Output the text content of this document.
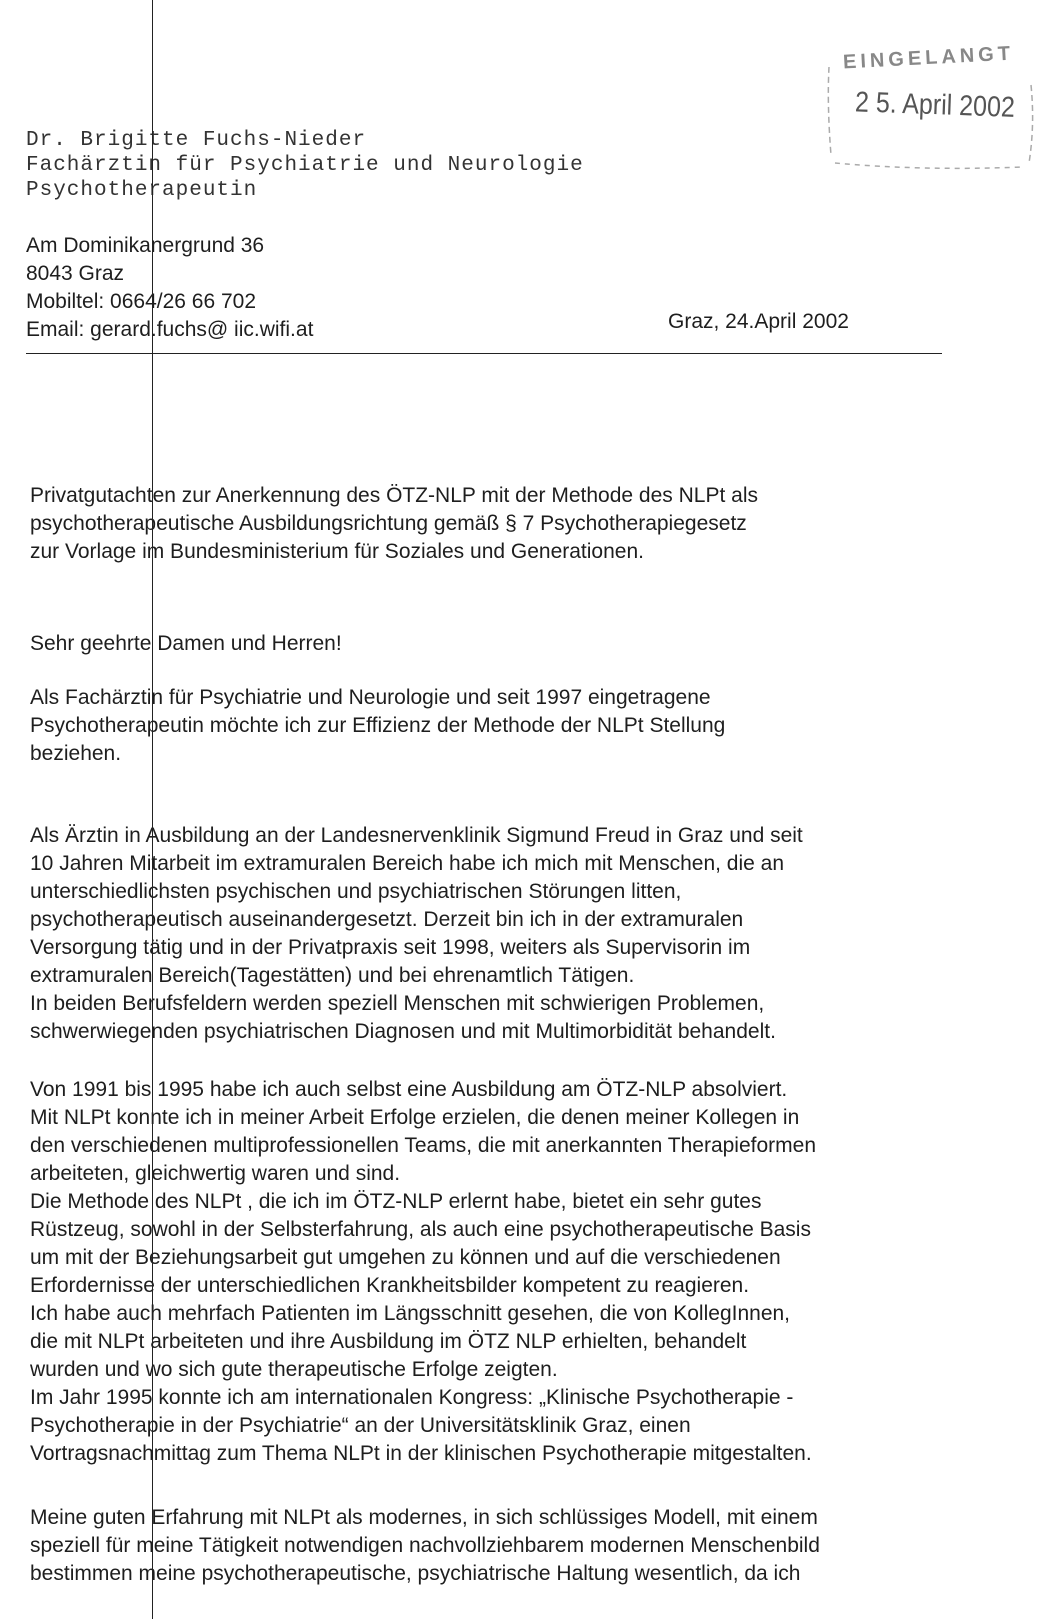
EINGELANGT
2 5. April 2002
Dr. Brigitte Fuchs-Nieder
Fachärztin für Psychiatrie und Neurologie
Psychotherapeutin
Am Dominikanergrund 36
8043 Graz
Mobiltel: 0664/26 66 702
Email: gerard.fuchs@ iic.wifi.at	Graz, 24.April 2002
Privatgutachten zur Anerkennung des ÖTZ-NLP mit der Methode des NLPt als
psychotherapeutische Ausbildungsrichtung gemäß § 7 Psychotherapiegesetz
zur Vorlage im Bundesministerium für Soziales und Generationen.
Sehr geehrte Damen und Herren!
Als Fachärztin für Psychiatrie und Neurologie und seit 1997 eingetragene
Psychotherapeutin möchte ich zur Effizienz der Methode der NLPt Stellung
beziehen.
Als Ärztin in Ausbildung an der Landesnervenklinik Sigmund Freud in Graz und seit
10 Jahren Mitarbeit im extramuralen Bereich habe ich mich mit Menschen, die an
unterschiedlichsten psychischen und psychiatrischen Störungen litten,
psychotherapeutisch auseinandergesetzt. Derzeit bin ich in der extramuralen
Versorgung tätig und in der Privatpraxis seit 1998, weiters als Supervisorin im
extramuralen Bereich(Tagestätten) und bei ehrenamtlich Tätigen.
In beiden Berufsfeldern werden speziell Menschen mit schwierigen Problemen,
schwerwiegenden psychiatrischen Diagnosen und mit Multimorbidität behandelt.
Von 1991 bis 1995 habe ich auch selbst eine Ausbildung am ÖTZ-NLP absolviert.
Mit NLPt konnte ich in meiner Arbeit Erfolge erzielen, die denen meiner Kollegen in
den verschiedenen multiprofessionellen Teams, die mit anerkannten Therapieformen
arbeiteten, gleichwertig waren und sind.
Die Methode des NLPt , die ich im ÖTZ-NLP erlernt habe, bietet ein sehr gutes
Rüstzeug, sowohl in der Selbsterfahrung, als auch eine psychotherapeutische Basis
um mit der Beziehungsarbeit gut umgehen zu können und auf die verschiedenen
Erfordernisse der unterschiedlichen Krankheitsbilder kompetent zu reagieren.
Ich habe auch mehrfach Patienten im Längsschnitt gesehen, die von KollegInnen,
die mit NLPt arbeiteten und ihre Ausbildung im ÖTZ NLP erhielten, behandelt
wurden und wo sich gute therapeutische Erfolge zeigten.
Im Jahr 1995 konnte ich am internationalen Kongress: „Klinische Psychotherapie -
Psychotherapie in der Psychiatrie“ an der Universitätsklinik Graz, einen
Vortragsnachmittag zum Thema NLPt in der klinischen Psychotherapie mitgestalten.
Meine guten Erfahrung mit NLPt als modernes, in sich schlüssiges Modell, mit einem
speziell für meine Tätigkeit notwendigen nachvollziehbarem modernen Menschenbild
bestimmen meine psychotherapeutische, psychiatrische Haltung wesentlich, da ich
